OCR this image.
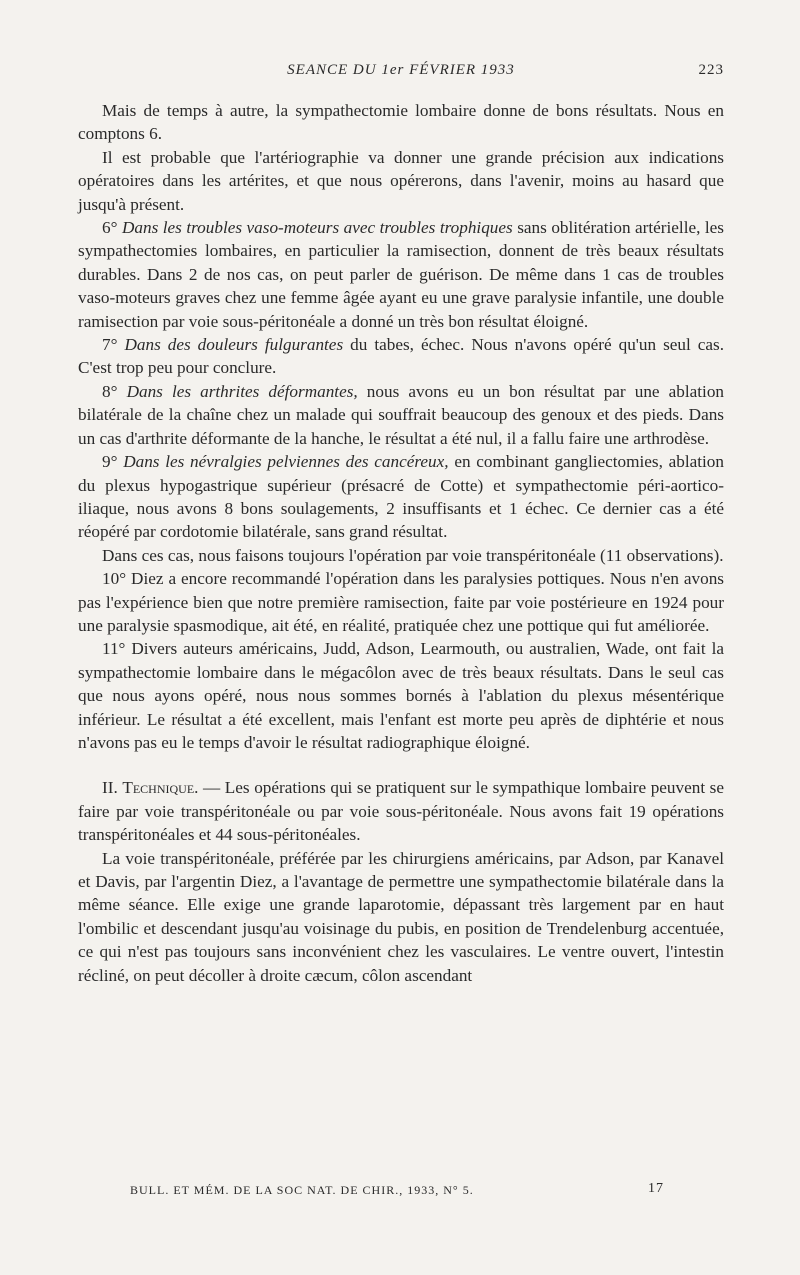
SEANCE DU 1er FÉVRIER 1933	223

Mais de temps à autre, la sympathectomie lombaire donne de bons résultats. Nous en comptons 6.

Il est probable que l'artériographie va donner une grande précision aux indications opératoires dans les artérites, et que nous opérerons, dans l'avenir, moins au hasard que jusqu'à présent.

6° Dans les troubles vaso-moteurs avec troubles trophiques sans oblitération artérielle, les sympathectomies lombaires, en particulier la ramisection, donnent de très beaux résultats durables. Dans 2 de nos cas, on peut parler de guérison. De même dans 1 cas de troubles vaso-moteurs graves chez une femme âgée ayant eu une grave paralysie infantile, une double ramisection par voie sous-péritonéale a donné un très bon résultat éloigné.

7° Dans des douleurs fulgurantes du tabes, échec. Nous n'avons opéré qu'un seul cas. C'est trop peu pour conclure.

8° Dans les arthrites déformantes, nous avons eu un bon résultat par une ablation bilatérale de la chaîne chez un malade qui souffrait beaucoup des genoux et des pieds. Dans un cas d'arthrite déformante de la hanche, le résultat a été nul, il a fallu faire une arthrodèse.

9° Dans les névralgies pelviennes des cancéreux, en combinant gangliectomies, ablation du plexus hypogastrique supérieur (présacré de Cotte) et sympathectomie péri-aortico-iliaque, nous avons 8 bons soulagements, 2 insuffisants et 1 échec. Ce dernier cas a été réopéré par cordotomie bilatérale, sans grand résultat.

Dans ces cas, nous faisons toujours l'opération par voie transpéritonéale (11 observations).

10° Diez a encore recommandé l'opération dans les paralysies pottiques. Nous n'en avons pas l'expérience bien que notre première ramisection, faite par voie postérieure en 1924 pour une paralysie spasmodique, ait été, en réalité, pratiquée chez une pottique qui fut améliorée.

11° Divers auteurs américains, Judd, Adson, Learmouth, ou australien, Wade, ont fait la sympathectomie lombaire dans le mégacôlon avec de très beaux résultats. Dans le seul cas que nous ayons opéré, nous nous sommes bornés à l'ablation du plexus mésentérique inférieur. Le résultat a été excellent, mais l'enfant est morte peu après de diphtérie et nous n'avons pas eu le temps d'avoir le résultat radiographique éloigné.

II. Technique. — Les opérations qui se pratiquent sur le sympathique lombaire peuvent se faire par voie transpéritonéale ou par voie sous-péritonéale. Nous avons fait 19 opérations transpéritonéales et 44 sous-péritonéales.

La voie transpéritonéale, préférée par les chirurgiens américains, par Adson, par Kanavel et Davis, par l'argentin Diez, a l'avantage de permettre une sympathectomie bilatérale dans la même séance. Elle exige une grande laparotomie, dépassant très largement par en haut l'ombilic et descendant jusqu'au voisinage du pubis, en position de Trendelenburg accentuée, ce qui n'est pas toujours sans inconvénient chez les vasculaires. Le ventre ouvert, l'intestin récliné, on peut décoller à droite cæcum, côlon ascendant

BULL. ET MÉM. DE LA SOC NAT. DE CHIR., 1933, N° 5.	17
